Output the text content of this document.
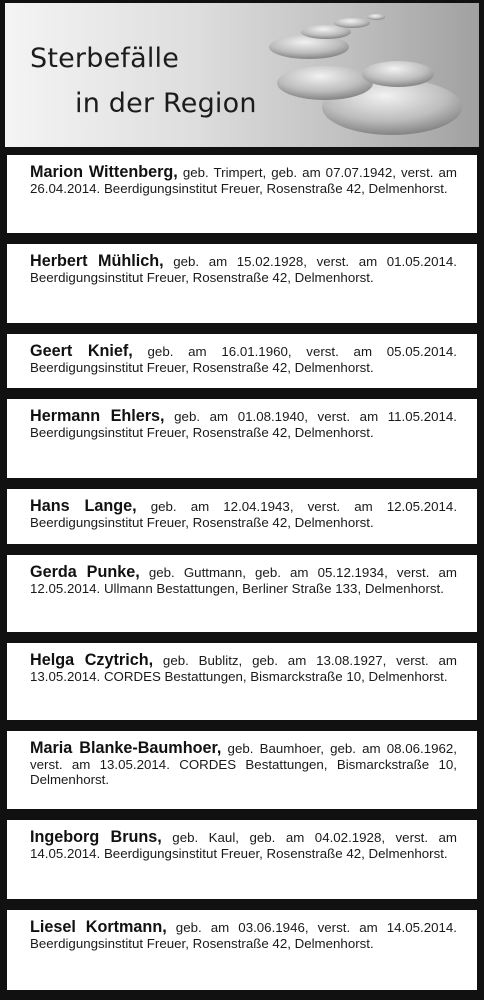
Sterbefälle
in der Region
Marion Wittenberg, geb. Trimpert, geb. am 07.07.1942, verst. am 26.04.2014. Beerdigungsinstitut Freuer, Rosenstraße 42, Delmenhorst.
Herbert Mühlich, geb. am 15.02.1928, verst. am 01.05.2014. Beerdigungsinstitut Freuer, Rosenstraße 42, Delmenhorst.
Geert Knief, geb. am 16.01.1960, verst. am 05.05.2014. Beerdigungsinstitut Freuer, Rosenstraße 42, Delmenhorst.
Hermann Ehlers, geb. am 01.08.1940, verst. am 11.05.2014. Beerdigungsinstitut Freuer, Rosenstraße 42, Delmenhorst.
Hans Lange, geb. am 12.04.1943, verst. am 12.05.2014. Beerdigungsinstitut Freuer, Rosenstraße 42, Delmenhorst.
Gerda Punke, geb. Guttmann, geb. am 05.12.1934, verst. am 12.05.2014. Ullmann Bestattungen, Berliner Straße 133, Delmenhorst.
Helga Czytrich, geb. Bublitz, geb. am 13.08.1927, verst. am 13.05.2014. CORDES Bestattungen, Bismarckstraße 10, Delmenhorst.
Maria Blanke-Baumhoer, geb. Baumhoer, geb. am 08.06.1962, verst. am 13.05.2014. CORDES Bestattungen, Bismarckstraße 10, Delmenhorst.
Ingeborg Bruns, geb. Kaul, geb. am 04.02.1928, verst. am 14.05.2014. Beerdigungsinstitut Freuer, Rosenstraße 42, Delmenhorst.
Liesel Kortmann, geb. am 03.06.1946, verst. am 14.05.2014. Beerdigungsinstitut Freuer, Rosenstraße 42, Delmenhorst.
